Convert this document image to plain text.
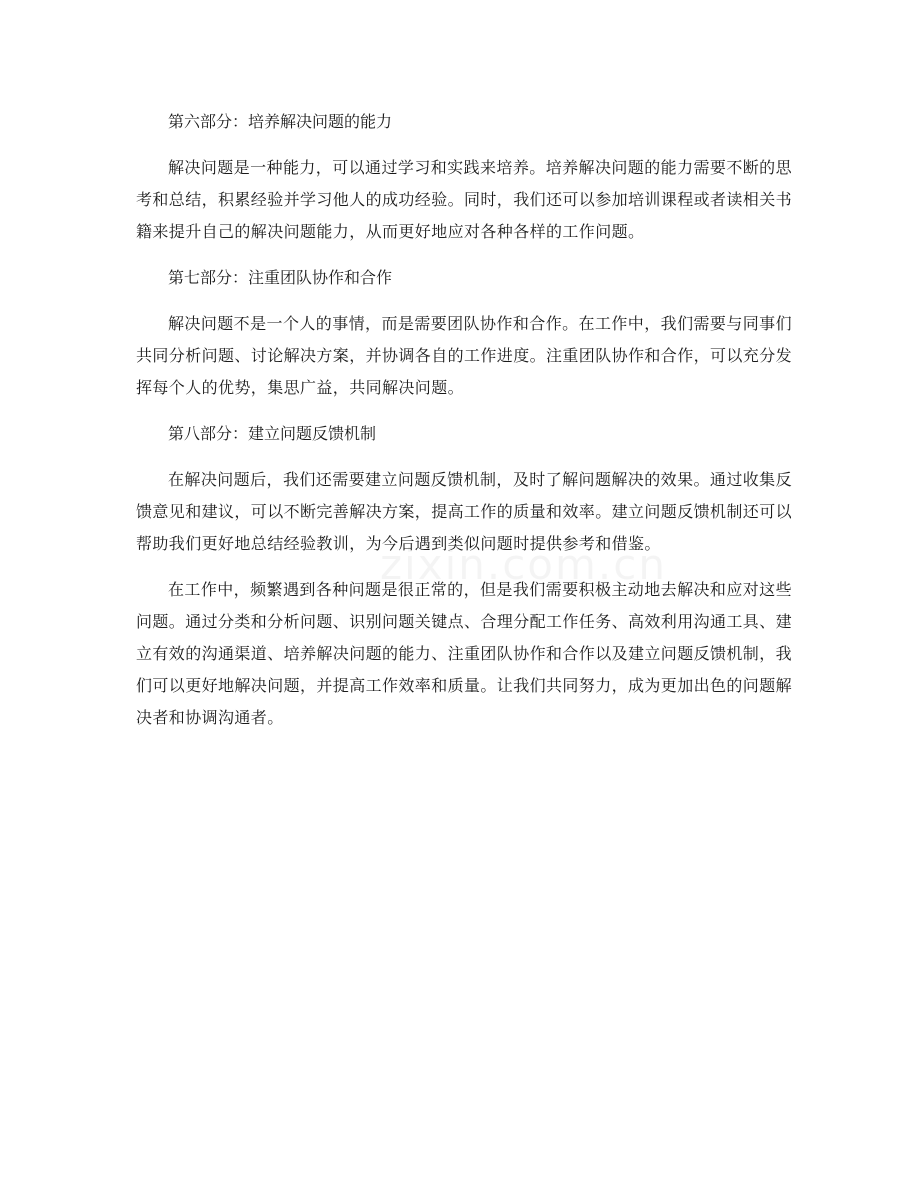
第六部分：培养解决问题的能力

解决问题是一种能力，可以通过学习和实践来培养。培养解决问题的能力需要不断的思考和总结，积累经验并学习他人的成功经验。同时，我们还可以参加培训课程或者读相关书籍来提升自己的解决问题能力，从而更好地应对各种各样的工作问题。

第七部分：注重团队协作和合作

解决问题不是一个人的事情，而是需要团队协作和合作。在工作中，我们需要与同事们共同分析问题、讨论解决方案，并协调各自的工作进度。注重团队协作和合作，可以充分发挥每个人的优势，集思广益，共同解决问题。

第八部分：建立问题反馈机制

在解决问题后，我们还需要建立问题反馈机制，及时了解问题解决的效果。通过收集反馈意见和建议，可以不断完善解决方案，提高工作的质量和效率。建立问题反馈机制还可以帮助我们更好地总结经验教训，为今后遇到类似问题时提供参考和借鉴。

在工作中，频繁遇到各种问题是很正常的，但是我们需要积极主动地去解决和应对这些问题。通过分类和分析问题、识别问题关键点、合理分配工作任务、高效利用沟通工具、建立有效的沟通渠道、培养解决问题的能力、注重团队协作和合作以及建立问题反馈机制，我们可以更好地解决问题，并提高工作效率和质量。让我们共同努力，成为更加出色的问题解决者和协调沟通者。
